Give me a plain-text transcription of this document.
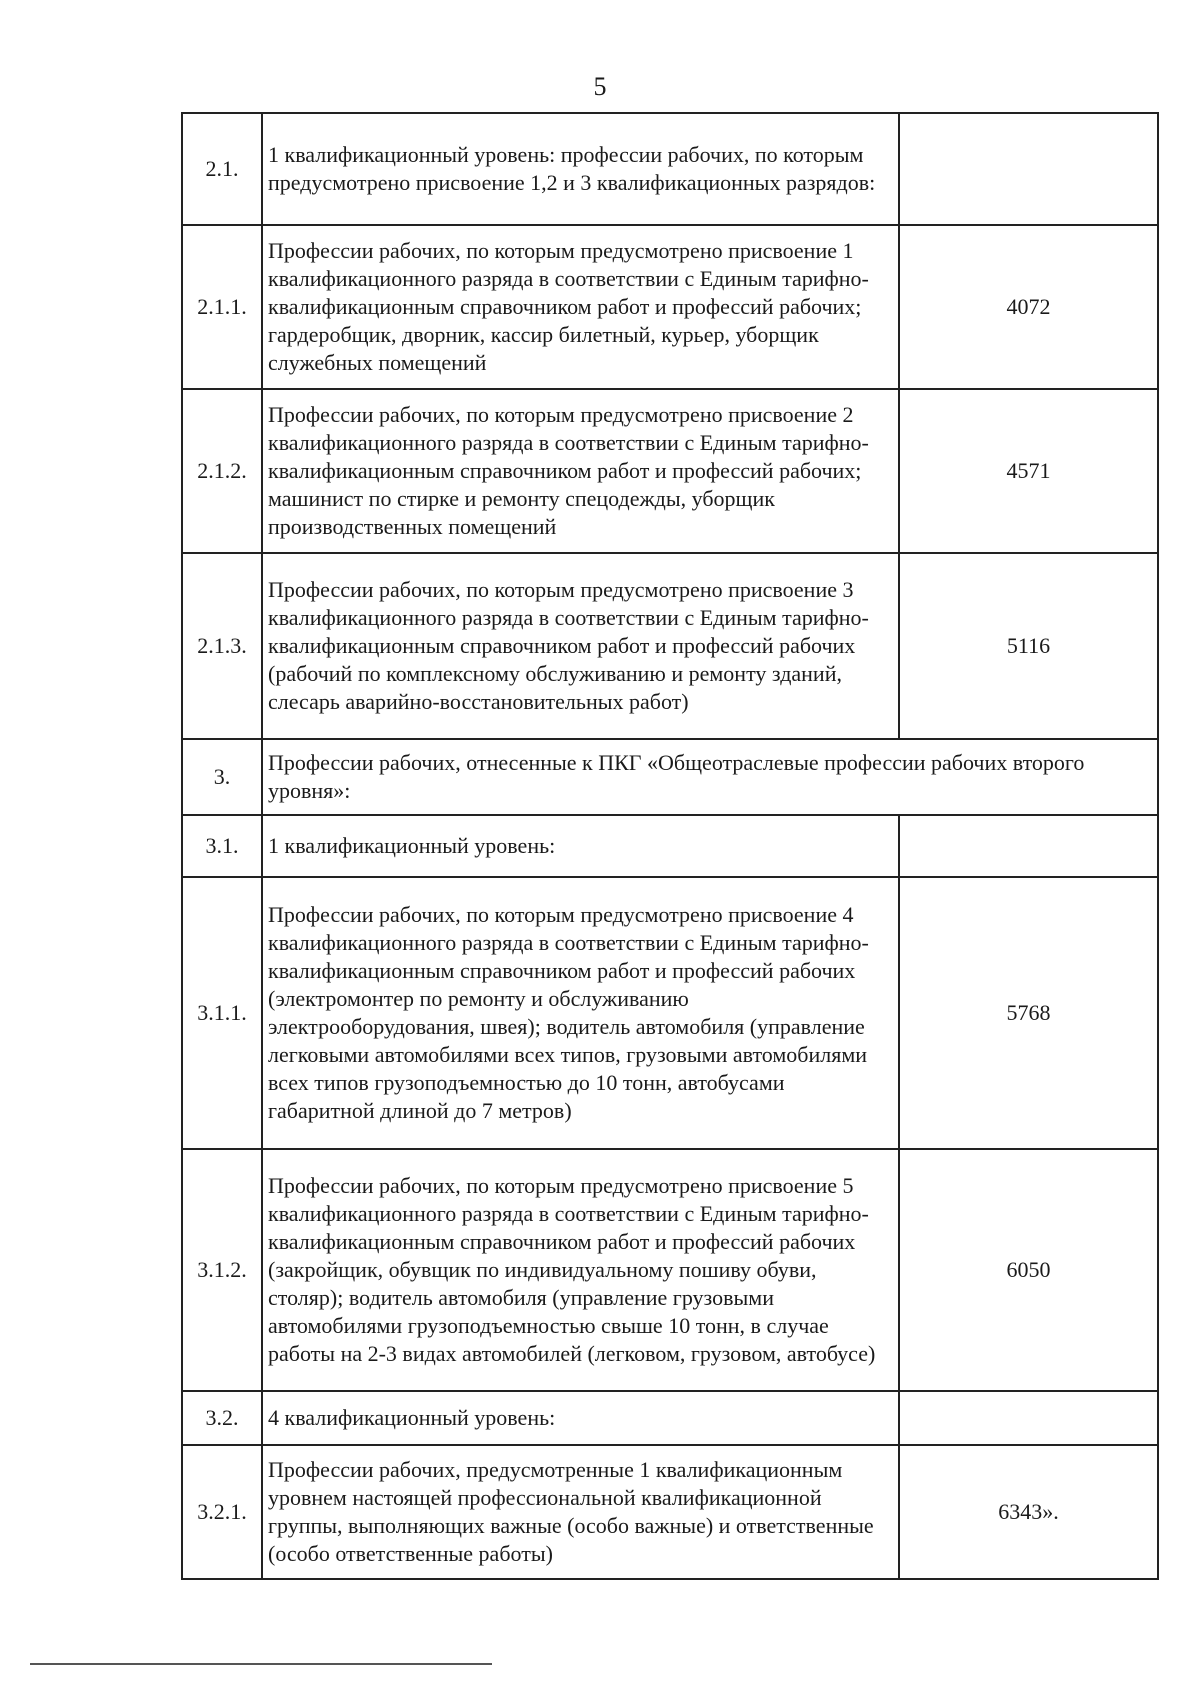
5
2.1.	1 квалификационный уровень: профессии рабочих, по которым предусмотрено присвоение 1,2 и 3 квалификационных разрядов:	
2.1.1.	Профессии рабочих, по которым предусмотрено присвоение 1 квалификационного разряда в соответствии с Единым тарифно-квалификационным справочником работ и профессий рабочих; гардеробщик, дворник, кассир билетный, курьер, уборщик служебных помещений	4072
2.1.2.	Профессии рабочих, по которым предусмотрено присвоение 2 квалификационного разряда в соответствии с Единым тарифно-квалификационным справочником работ и профессий рабочих; машинист по стирке и ремонту спецодежды, уборщик производственных помещений	4571
2.1.3.	Профессии рабочих, по которым предусмотрено присвоение 3 квалификационного разряда в соответствии с Единым тарифно-квалификационным справочником работ и профессий рабочих (рабочий по комплексному обслуживанию и ремонту зданий, слесарь аварийно-восстановительных работ)	5116
3.	Профессии рабочих, отнесенные к ПКГ «Общеотраслевые профессии рабочих второго уровня»:	
3.1.	1 квалификационный уровень:	
3.1.1.	Профессии рабочих, по которым предусмотрено присвоение 4 квалификационного разряда в соответствии с Единым тарифно-квалификационным справочником работ и профессий рабочих (электромонтер по ремонту и обслуживанию электрооборудования, швея); водитель автомобиля (управление легковыми автомобилями всех типов, грузовыми автомобилями всех типов грузоподъемностью до 10 тонн, автобусами габаритной длиной до 7 метров)	5768
3.1.2.	Профессии рабочих, по которым предусмотрено присвоение 5 квалификационного разряда в соответствии с Единым тарифно-квалификационным справочником работ и профессий рабочих (закройщик, обувщик по индивидуальному пошиву обуви, столяр); водитель автомобиля (управление грузовыми автомобилями грузоподъемностью свыше 10 тонн, в случае работы на 2-3 видах автомобилей (легковом, грузовом, автобусе)	6050
3.2.	4 квалификационный уровень:	
3.2.1.	Профессии рабочих, предусмотренные 1 квалификационным уровнем настоящей профессиональной квалификационной группы, выполняющих важные (особо важные) и ответственные (особо ответственные работы)	6343».
